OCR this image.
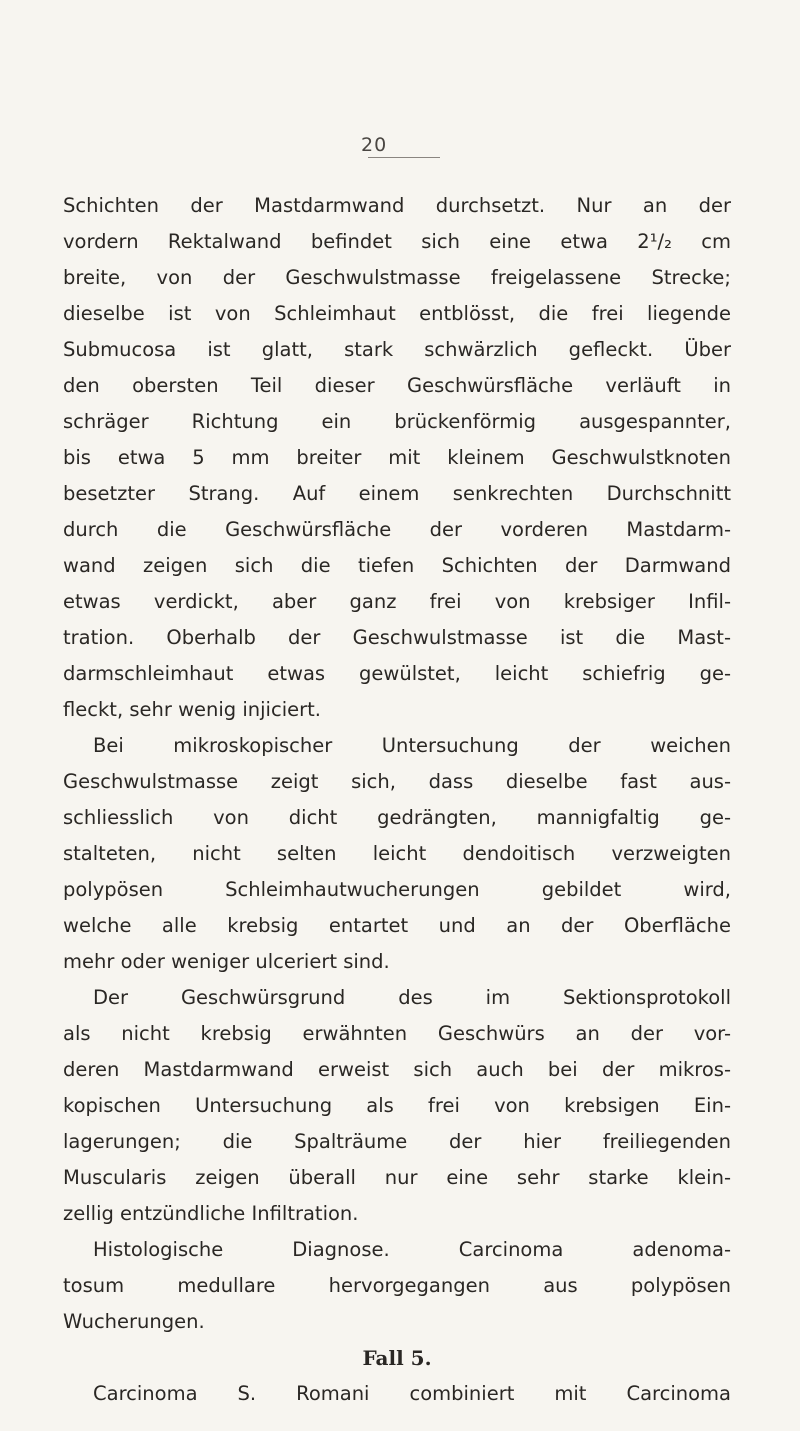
20
Schichten der Mastdarmwand durchsetzt. Nur an der
vordern Rektalwand befindet sich eine etwa 2¹/₂ cm
breite, von der Geschwulstmasse freigelassene Strecke;
dieselbe ist von Schleimhaut entblösst, die frei liegende
Submucosa ist glatt, stark schwärzlich gefleckt. Über
den obersten Teil dieser Geschwürsfläche verläuft in
schräger Richtung ein brückenförmig ausgespannter,
bis etwa 5 mm breiter mit kleinem Geschwulstknoten
besetzter Strang. Auf einem senkrechten Durchschnitt
durch die Geschwürsfläche der vorderen Mastdarm-
wand zeigen sich die tiefen Schichten der Darmwand
etwas verdickt, aber ganz frei von krebsiger Infil-
tration. Oberhalb der Geschwulstmasse ist die Mast-
darmschleimhaut etwas gewülstet, leicht schiefrig ge-
fleckt, sehr wenig injiciert.
Bei mikroskopischer Untersuchung der weichen
Geschwulstmasse zeigt sich, dass dieselbe fast aus-
schliesslich von dicht gedrängten, mannigfaltig ge-
stalteten, nicht selten leicht dendoitisch verzweigten
polypösen Schleimhautwucherungen gebildet wird,
welche alle krebsig entartet und an der Oberfläche
mehr oder weniger ulceriert sind.
Der Geschwürsgrund des im Sektionsprotokoll
als nicht krebsig erwähnten Geschwürs an der vor-
deren Mastdarmwand erweist sich auch bei der mikros-
kopischen Untersuchung als frei von krebsigen Ein-
lagerungen; die Spalträume der hier freiliegenden
Muscularis zeigen überall nur eine sehr starke klein-
zellig entzündliche Infiltration.
Histologische Diagnose. Carcinoma adenoma-
tosum medullare hervorgegangen aus polypösen
Wucherungen.
Fall 5.
Carcinoma S. Romani combiniert mit Carcinoma
